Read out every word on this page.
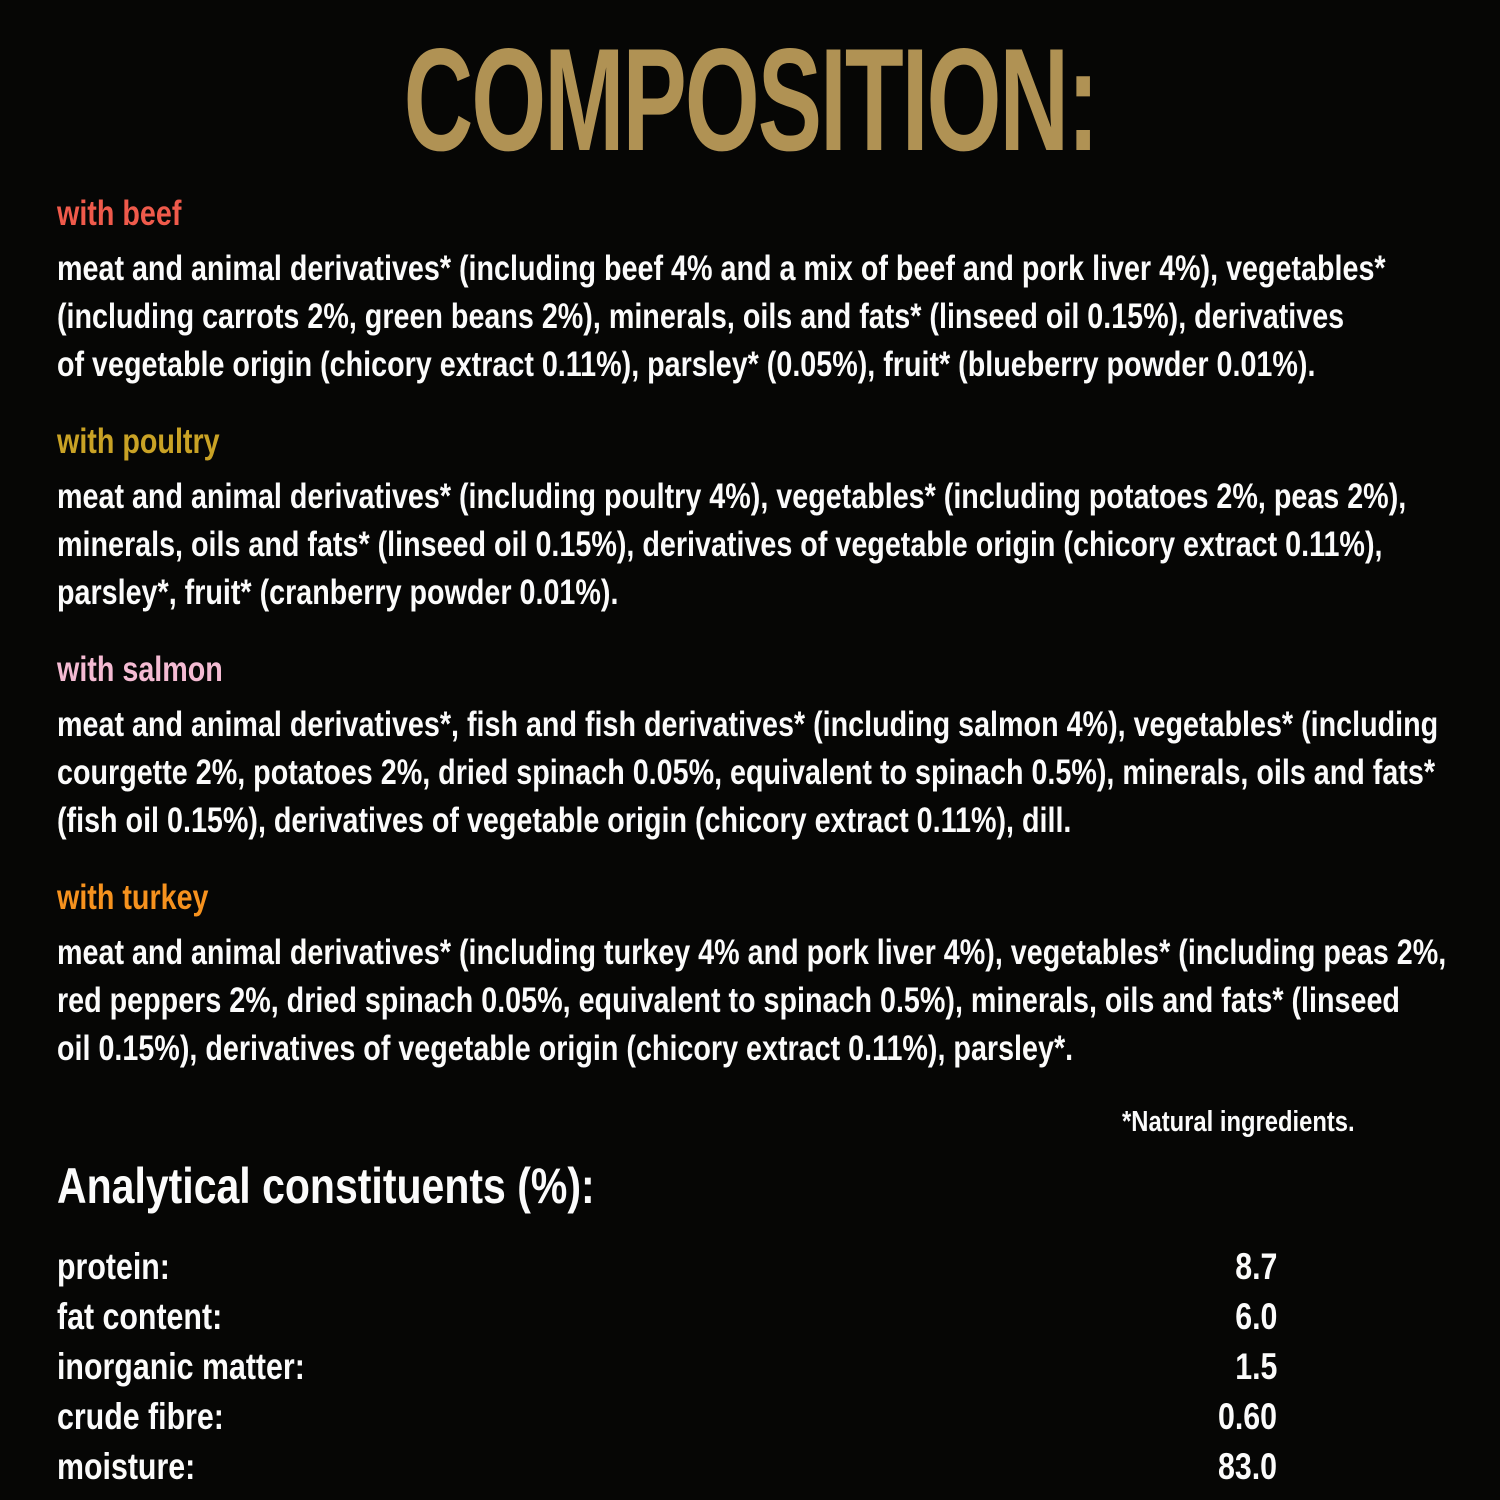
COMPOSITION:
with beef
meat and animal derivatives* (including beef 4% and a mix of beef and pork liver 4%), vegetables*
(including carrots 2%, green beans 2%), minerals, oils and fats* (linseed oil 0.15%), derivatives
of vegetable origin (chicory extract 0.11%), parsley* (0.05%), fruit* (blueberry powder 0.01%).
with poultry
meat and animal derivatives* (including poultry 4%), vegetables* (including potatoes 2%, peas 2%),
minerals, oils and fats* (linseed oil 0.15%), derivatives of vegetable origin (chicory extract 0.11%),
parsley*, fruit* (cranberry powder 0.01%).
with salmon
meat and animal derivatives*, fish and fish derivatives* (including salmon 4%), vegetables* (including
courgette 2%, potatoes 2%, dried spinach 0.05%, equivalent to spinach 0.5%), minerals, oils and fats*
(fish oil 0.15%), derivatives of vegetable origin (chicory extract 0.11%), dill.
with turkey
meat and animal derivatives* (including turkey 4% and pork liver 4%), vegetables* (including peas 2%,
red peppers 2%, dried spinach 0.05%, equivalent to spinach 0.5%), minerals, oils and fats* (linseed
oil 0.15%), derivatives of vegetable origin (chicory extract 0.11%), parsley*.
*Natural ingredients.
Analytical constituents (%):
protein:	8.7
fat content:	6.0
inorganic matter:	1.5
crude fibre:	0.60
moisture:	83.0
